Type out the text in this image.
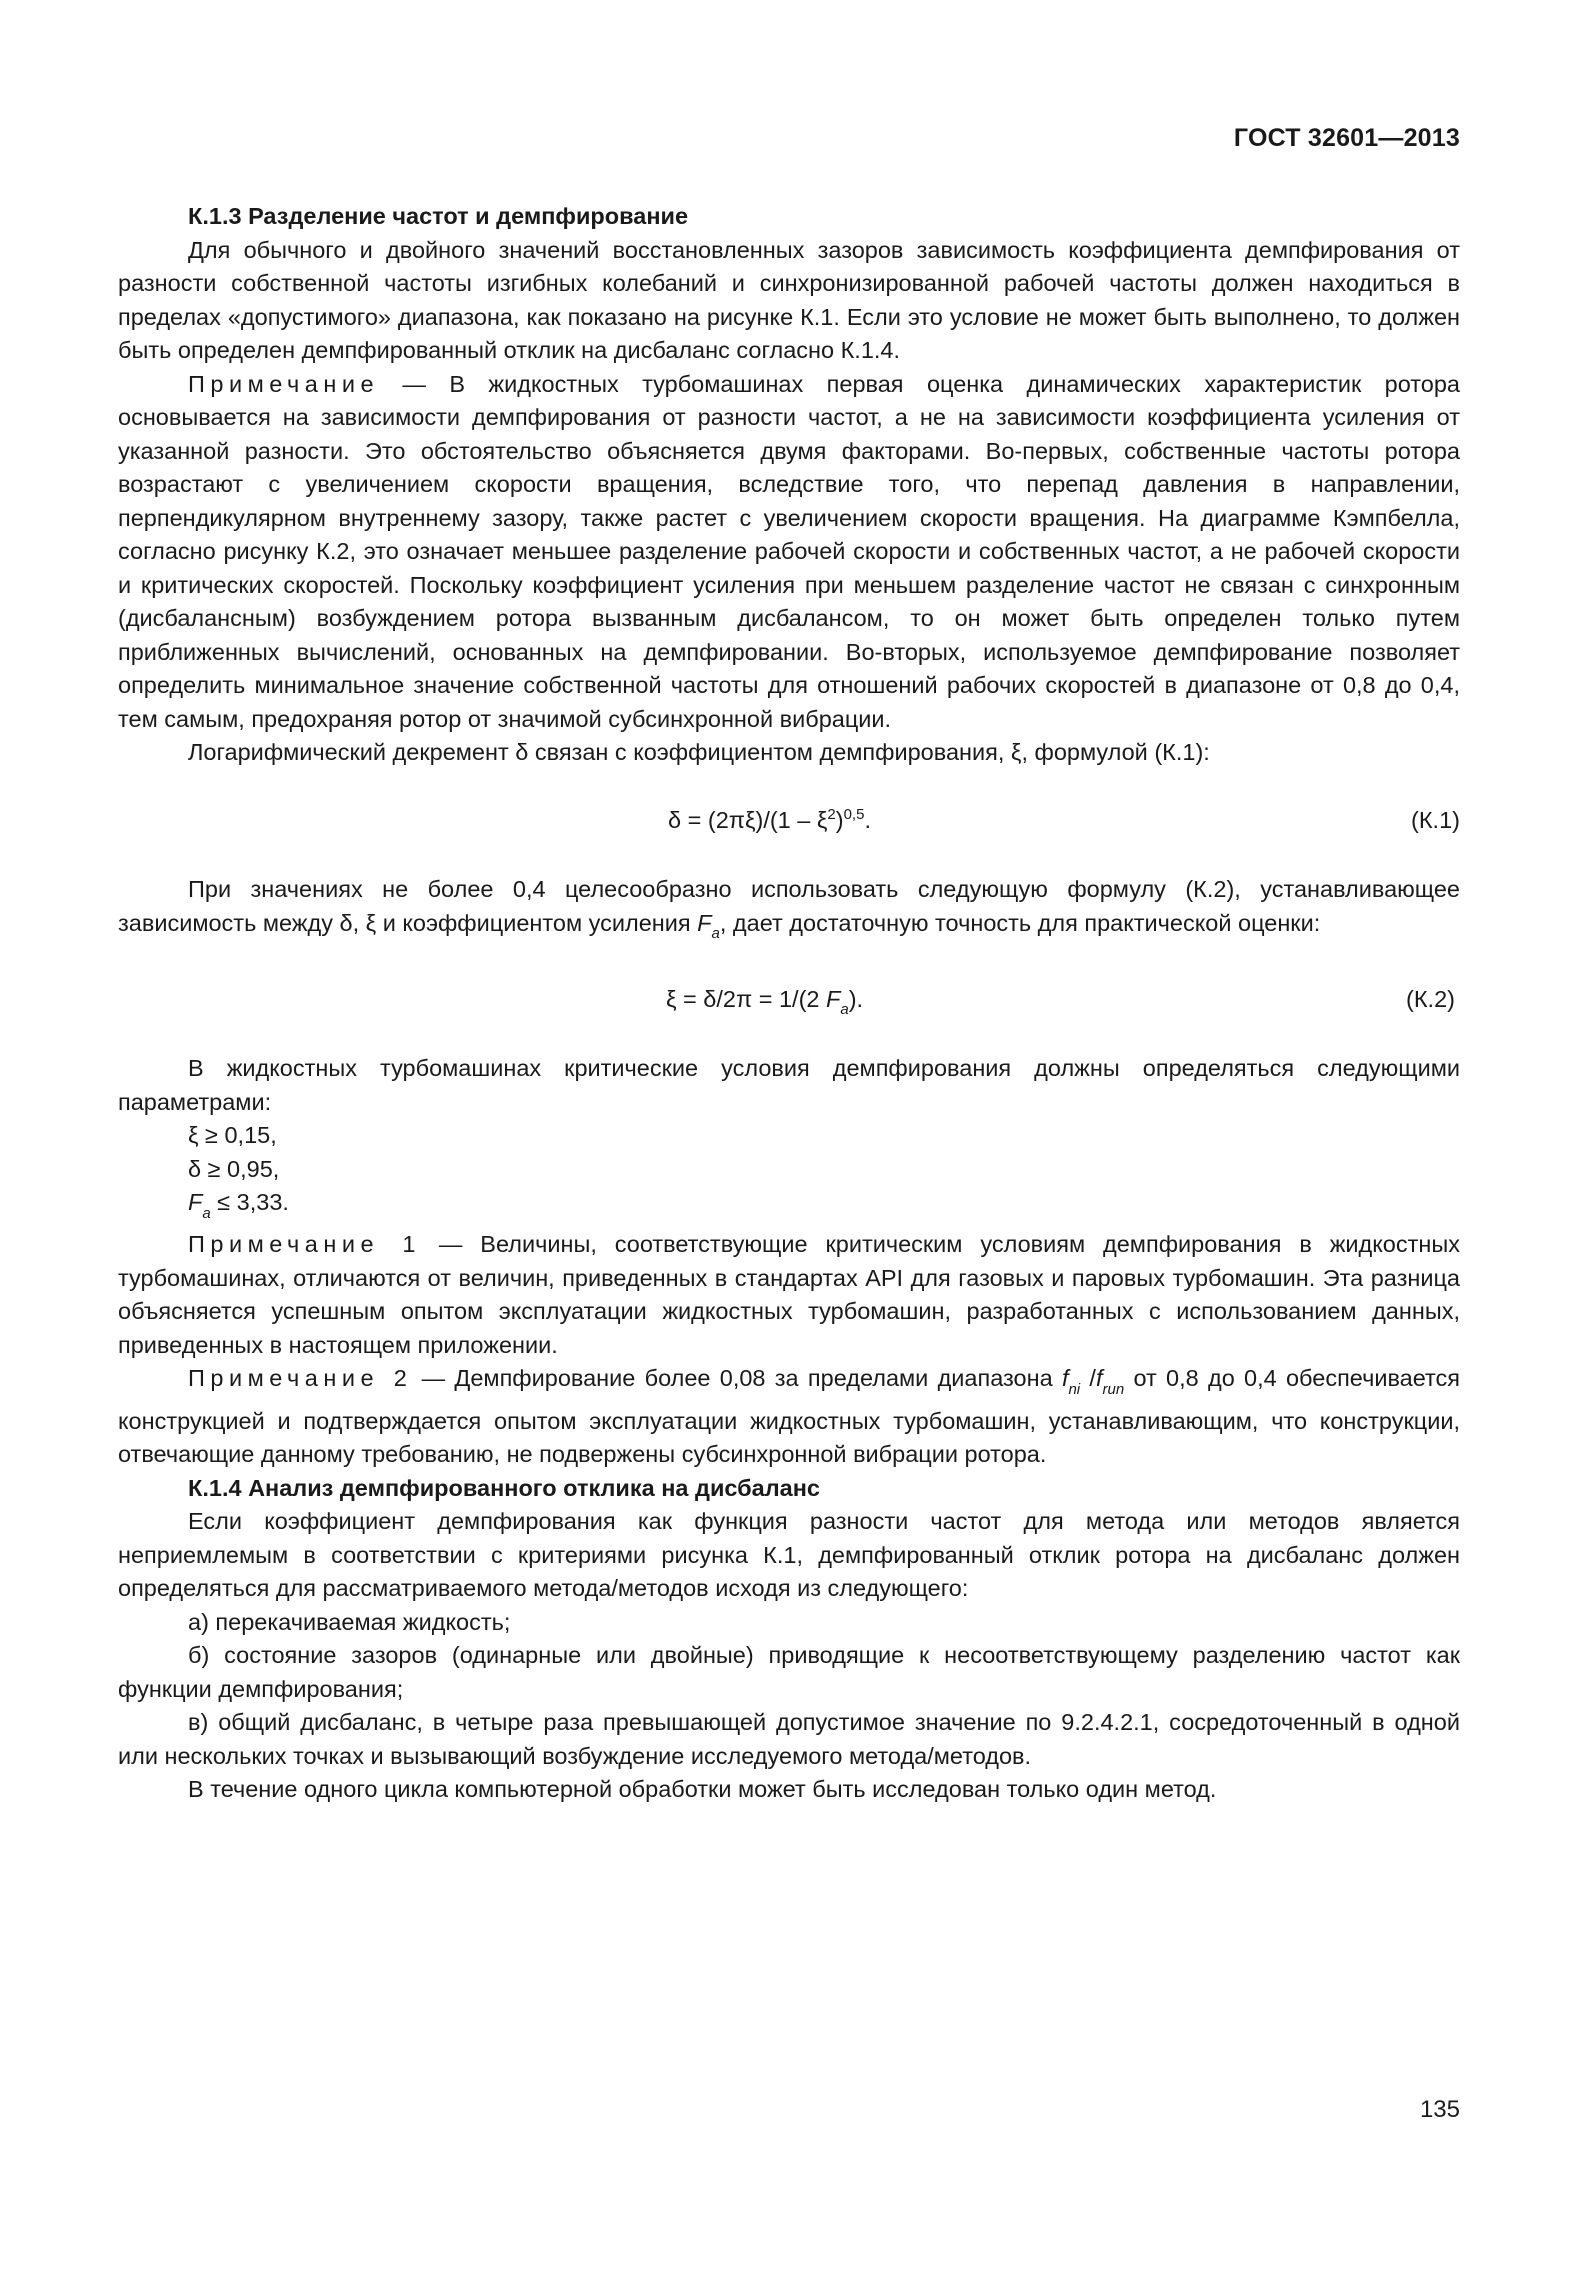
ГОСТ 32601—2013

К.1.3 Разделение частот и демпфирование

Для обычного и двойного значений восстановленных зазоров зависимость коэффициента демпфирования от разности собственной частоты изгибных колебаний и синхронизированной рабочей частоты должен находиться в пределах «допустимого» диапазона, как показано на рисунке К.1. Если это условие не может быть выполнено, то должен быть определен демпфированный отклик на дисбаланс согласно К.1.4.

Примечание — В жидкостных турбомашинах первая оценка динамических характеристик ротора основывается на зависимости демпфирования от разности частот, а не на зависимости коэффициента усиления от указанной разности. Это обстоятельство объясняется двумя факторами. Во-первых, собственные частоты ротора возрастают с увеличением скорости вращения, вследствие того, что перепад давления в направлении, перпендикулярном внутреннему зазору, также растет с увеличением скорости вращения. На диаграмме Кэмпбелла, согласно рисунку К.2, это означает меньшее разделение рабочей скорости и собственных частот, а не рабочей скорости и критических скоростей. Поскольку коэффициент усиления при меньшем разделение частот не связан с синхронным (дисбалансным) возбуждением ротора вызванным дисбалансом, то он может быть определен только путем приближенных вычислений, основанных на демпфировании. Во-вторых, используемое демпфирование позволяет определить минимальное значение собственной частоты для отношений рабочих скоростей в диапазоне от 0,8 до 0,4, тем самым, предохраняя ротор от значимой субсинхронной вибрации.

Логарифмический декремент δ связан с коэффициентом демпфирования, ξ, формулой (К.1):

$\delta = (2\pi\xi)/(1 - \xi^2)^{0,5}$.	(К.1)

При значениях не более 0,4 целесообразно использовать следующую формулу (К.2), устанавливающее зависимость между δ, ξ и коэффициентом усиления $F_a$, дает достаточную точность для практической оценки:

ξ = δ/2π = 1/(2 $F_a$).	(К.2)

В жидкостных турбомашинах критические условия демпфирования должны определяться следующими параметрами:

ξ ≥ 0,15,

δ ≥ 0,95,

$F_a \le 3,33$.

Примечание 1 — Величины, соответствующие критическим условиям демпфирования в жидкостных турбомашинах, отличаются от величин, приведенных в стандартах API для газовых и паровых турбомашин. Эта разница объясняется успешным опытом эксплуатации жидкостных турбомашин, разработанных с использованием данных, приведенных в настоящем приложении.

Примечание 2 — Демпфирование более 0,08 за пределами диапазона $f_{ni}$ $/f_{run}$ от 0,8 до 0,4 обеспечивается конструкцией и подтверждается опытом эксплуатации жидкостных турбомашин, устанавливающим, что конструкции, отвечающие данному требованию, не подвержены субсинхронной вибрации ротора.

К.1.4 Анализ демпфированного отклика на дисбаланс

Если коэффициент демпфирования как функция разности частот для метода или методов является неприемлемым в соответствии с критериями рисунка К.1, демпфированный отклик ротора на дисбаланс должен определяться для рассматриваемого метода/методов исходя из следующего:

а) перекачиваемая жидкость;

б) состояние зазоров (одинарные или двойные) приводящие к несоответствующему разделению частот как функции демпфирования;

в) общий дисбаланс, в четыре раза превышающей допустимое значение по 9.2.4.2.1, сосредоточенный в одной или нескольких точках и вызывающий возбуждение исследуемого метода/методов.

В течение одного цикла компьютерной обработки может быть исследован только один метод.

135
